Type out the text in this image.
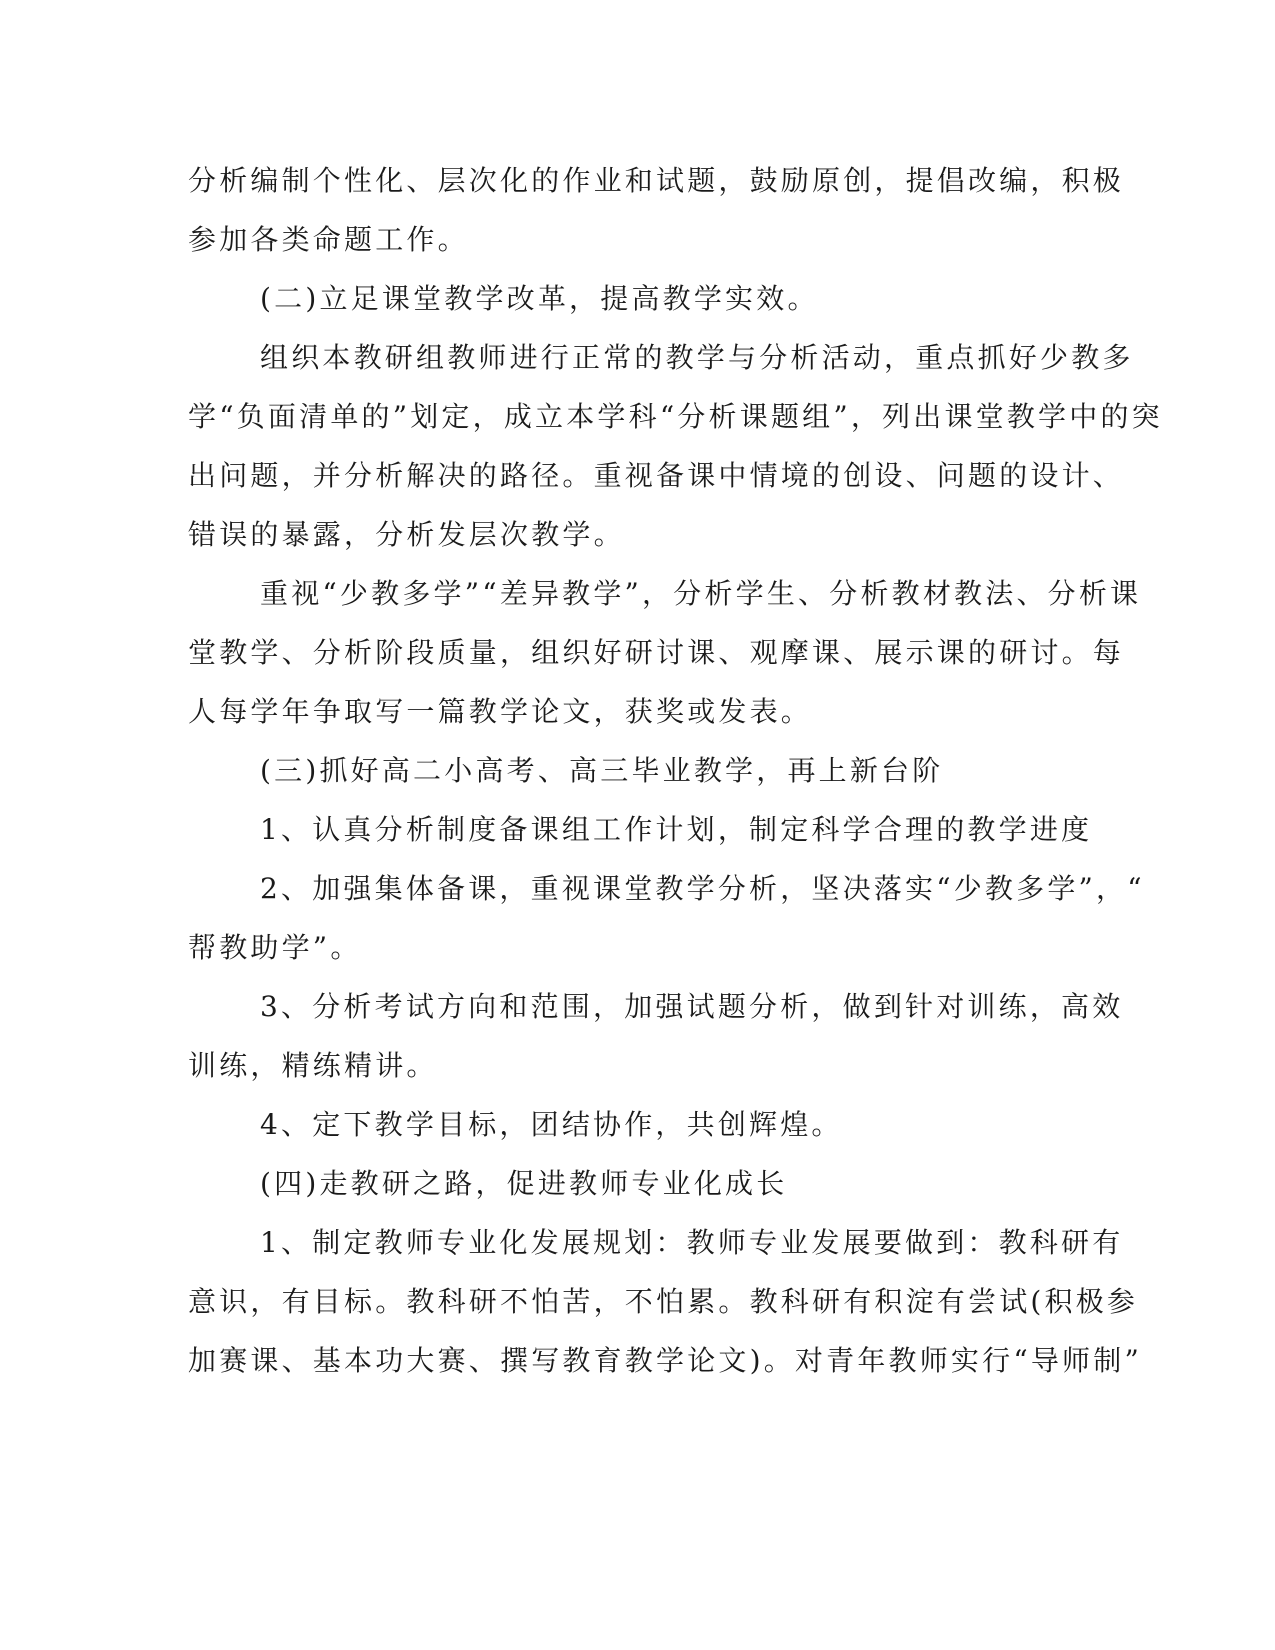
分析编制个性化、层次化的作业和试题，鼓励原创，提倡改编，积极
参加各类命题工作。
(二)立足课堂教学改革，提高教学实效。
组织本教研组教师进行正常的教学与分析活动，重点抓好少教多
学“负面清单的”划定，成立本学科“分析课题组”，列出课堂教学中的突
出问题，并分析解决的路径。重视备课中情境的创设、问题的设计、
错误的暴露，分析发层次教学。
重视“少教多学”“差异教学”，分析学生、分析教材教法、分析课
堂教学、分析阶段质量，组织好研讨课、观摩课、展示课的研讨。每
人每学年争取写一篇教学论文，获奖或发表。
(三)抓好高二小高考、高三毕业教学，再上新台阶
1、认真分析制度备课组工作计划，制定科学合理的教学进度
2、加强集体备课，重视课堂教学分析，坚决落实“少教多学”，“
帮教助学”。
3、分析考试方向和范围，加强试题分析，做到针对训练，高效
训练，精练精讲。
4、定下教学目标，团结协作，共创辉煌。
(四)走教研之路，促进教师专业化成长
1、制定教师专业化发展规划：教师专业发展要做到：教科研有
意识，有目标。教科研不怕苦，不怕累。教科研有积淀有尝试(积极参
加赛课、基本功大赛、撰写教育教学论文)。对青年教师实行“导师制”
